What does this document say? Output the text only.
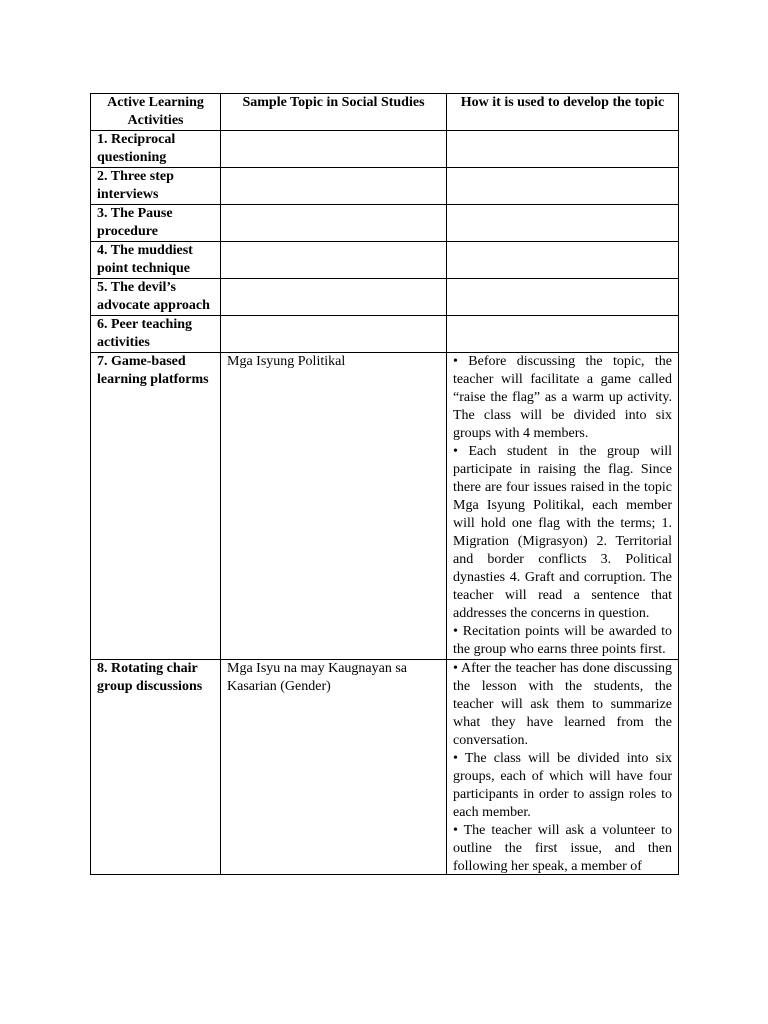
Active Learning Activities	Sample Topic in Social Studies	How it is used to develop the topic
1. Reciprocal questioning		
2. Three step interviews		
3. The Pause procedure		
4. The muddiest point technique		
5. The devil’s advocate approach		
6. Peer teaching activities		
7. Game-based learning platforms	Mga Isyung Politikal	• Before discussing the topic, the teacher will facilitate a game called “raise the flag” as a warm up activity. The class will be divided into six groups with 4 members.

• Each student in the group will participate in raising the flag. Since there are four issues raised in the topic Mga Isyung Politikal, each member will hold one flag with the terms; 1. Migration (Migrasyon) 2. Territorial and border conflicts 3. Political dynasties 4. Graft and corruption. The teacher will read a sentence that addresses the concerns in question.

• Recitation points will be awarded to the group who earns three points first.

8. Rotating chair group discussions	Mga Isyu na may Kaugnayan sa Kasarian (Gender)	• After the teacher has done discussing the lesson with the students, the teacher will ask them to summarize what they have learned from the conversation.

• The class will be divided into six groups, each of which will have four participants in order to assign roles to each member.

• The teacher will ask a volunteer to outline the first issue, and then following her speak, a member of
